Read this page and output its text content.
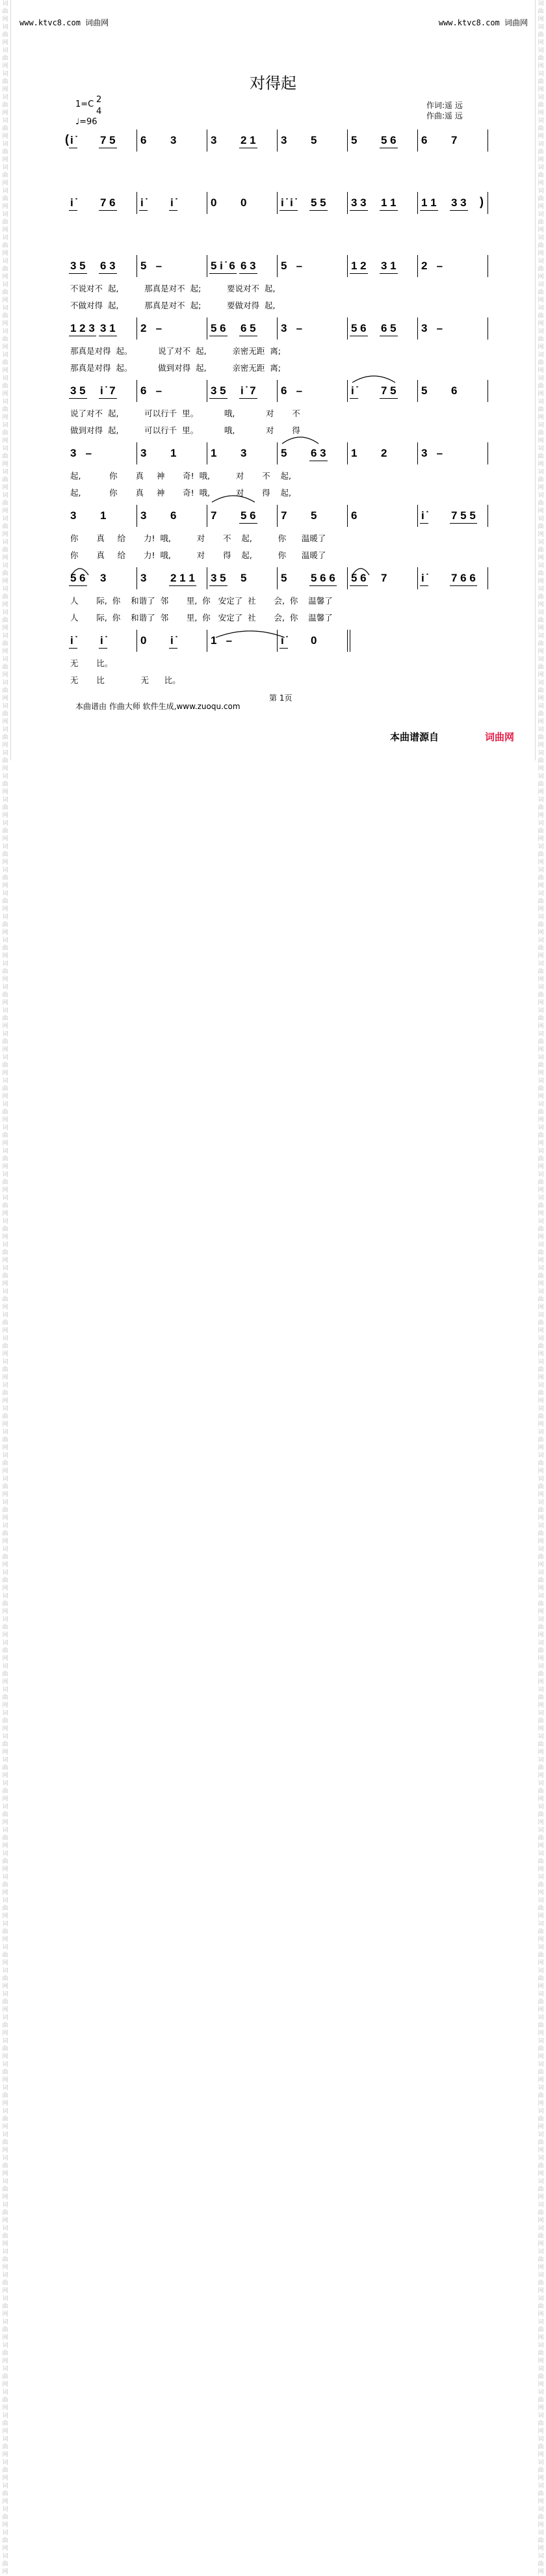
词曲网词曲网词曲网词曲网词曲网词曲网词曲网词曲网词曲网词曲网词曲网词曲网词曲网词曲网词曲网词曲网词曲网词曲网词曲网词曲网词曲网词曲网词曲网词曲网词曲网词曲网词曲网词曲网词曲网词曲网词曲网词曲网词曲网词曲网词曲网词曲网词曲网词曲网词曲网词曲网词曲网词曲网词曲网词曲网词曲网词曲网词曲网词曲网词曲网词曲网词曲网词曲网词曲网词曲网词曲网词曲网词曲网词曲网词曲网词曲网词曲网词曲网词曲网词曲网词曲网词曲网词曲网词曲网词曲网词曲网词曲网词曲网词曲网词曲网词曲网词曲网词曲网词曲网词曲网词曲网词曲网词曲网词曲网词曲网词曲网词曲网词曲网词曲网词曲网词曲网词曲网词曲网词曲网词曲网词曲网词曲网词曲网词曲网词曲网词曲网词曲网词曲网词曲网词曲网词曲网词曲网词曲网词曲网词曲网词曲网
词曲网词曲网词曲网词曲网词曲网词曲网词曲网词曲网词曲网词曲网词曲网词曲网词曲网词曲网词曲网词曲网词曲网词曲网词曲网词曲网词曲网词曲网词曲网词曲网词曲网词曲网词曲网词曲网词曲网词曲网词曲网词曲网词曲网词曲网词曲网词曲网词曲网词曲网词曲网词曲网词曲网词曲网词曲网词曲网词曲网词曲网词曲网词曲网词曲网词曲网词曲网词曲网词曲网词曲网词曲网词曲网词曲网词曲网词曲网词曲网词曲网词曲网词曲网词曲网词曲网词曲网词曲网词曲网词曲网词曲网词曲网词曲网词曲网词曲网词曲网词曲网词曲网词曲网词曲网词曲网词曲网词曲网词曲网词曲网词曲网词曲网词曲网词曲网词曲网词曲网词曲网词曲网词曲网词曲网词曲网词曲网词曲网词曲网词曲网词曲网词曲网词曲网词曲网词曲网词曲网词曲网词曲网词曲网词曲网词曲网
www.ktvc8.com 词曲网	www.ktvc8.com 词曲网
对得起
1=C 2
4
♩=96
作词:遥 远
作曲:遥 远
i ̇ 7 5 6 3	3 2 1 3 5	5 5 6 6 7
i ̇ 7 6 i ̇ i ̇	0 0	i ̇ i ̇ 5 5 3 3 1 1 1 1 3 3
3 5 6 3 5   –	5 i ̇ 6 6 3 5   –	1 2 3 1 2   –
不说对不  起,          那真是对不  起;          要说对不  起,
不做对得  起,          那真是对不  起;          要做对得  起,
1 2 3 3 1 2   –	5 6 6 5 3   –	5 6 6 5 3   –
那真是对得  起。          说了对不  起,          亲密无距  离;
那真是对得  起。          做到对得  起,          亲密无距  离;
3 5 i ̇ 7 6   –	3 5 i ̇ 7 6   –	i ̇ 7 5 5 6
说了对不  起,          可以行千  里。          哦,            对       不
做到对得  起,          可以行千  里。          哦,            对       得
3   –	3 1	1 3	5 6 3 1 2	3   –
起,           你       真     神       奇!  哦,          对       不    起,
起,           你       真     神       奇!  哦,          对       得    起,
3 1	3 6	7 5 6 7 5	6	i ̇ 7 5 5
你       真     给       力!  哦,          对       不    起,          你      温暖了
你       真     给       力!  哦,          对       得    起,          你      温暖了
5 6 3	3 2 1 1 3 5 5	5 5 6 6 5 6 7	i ̇ 7 6 6
人       际,  你    和谐了  邻       里,  你   安定了  社       会,  你    温馨了
人       际,  你    和谐了  邻       里,  你   安定了  社       会,  你    温馨了
i ̇ i ̇	0 i ̇	1   –	i ̇ 0
无       比。
无       比              无      比。
(
)
第 1页
本曲谱由 作曲大师 软件生成,www.zuoqu.com
本曲谱源自	词曲网
